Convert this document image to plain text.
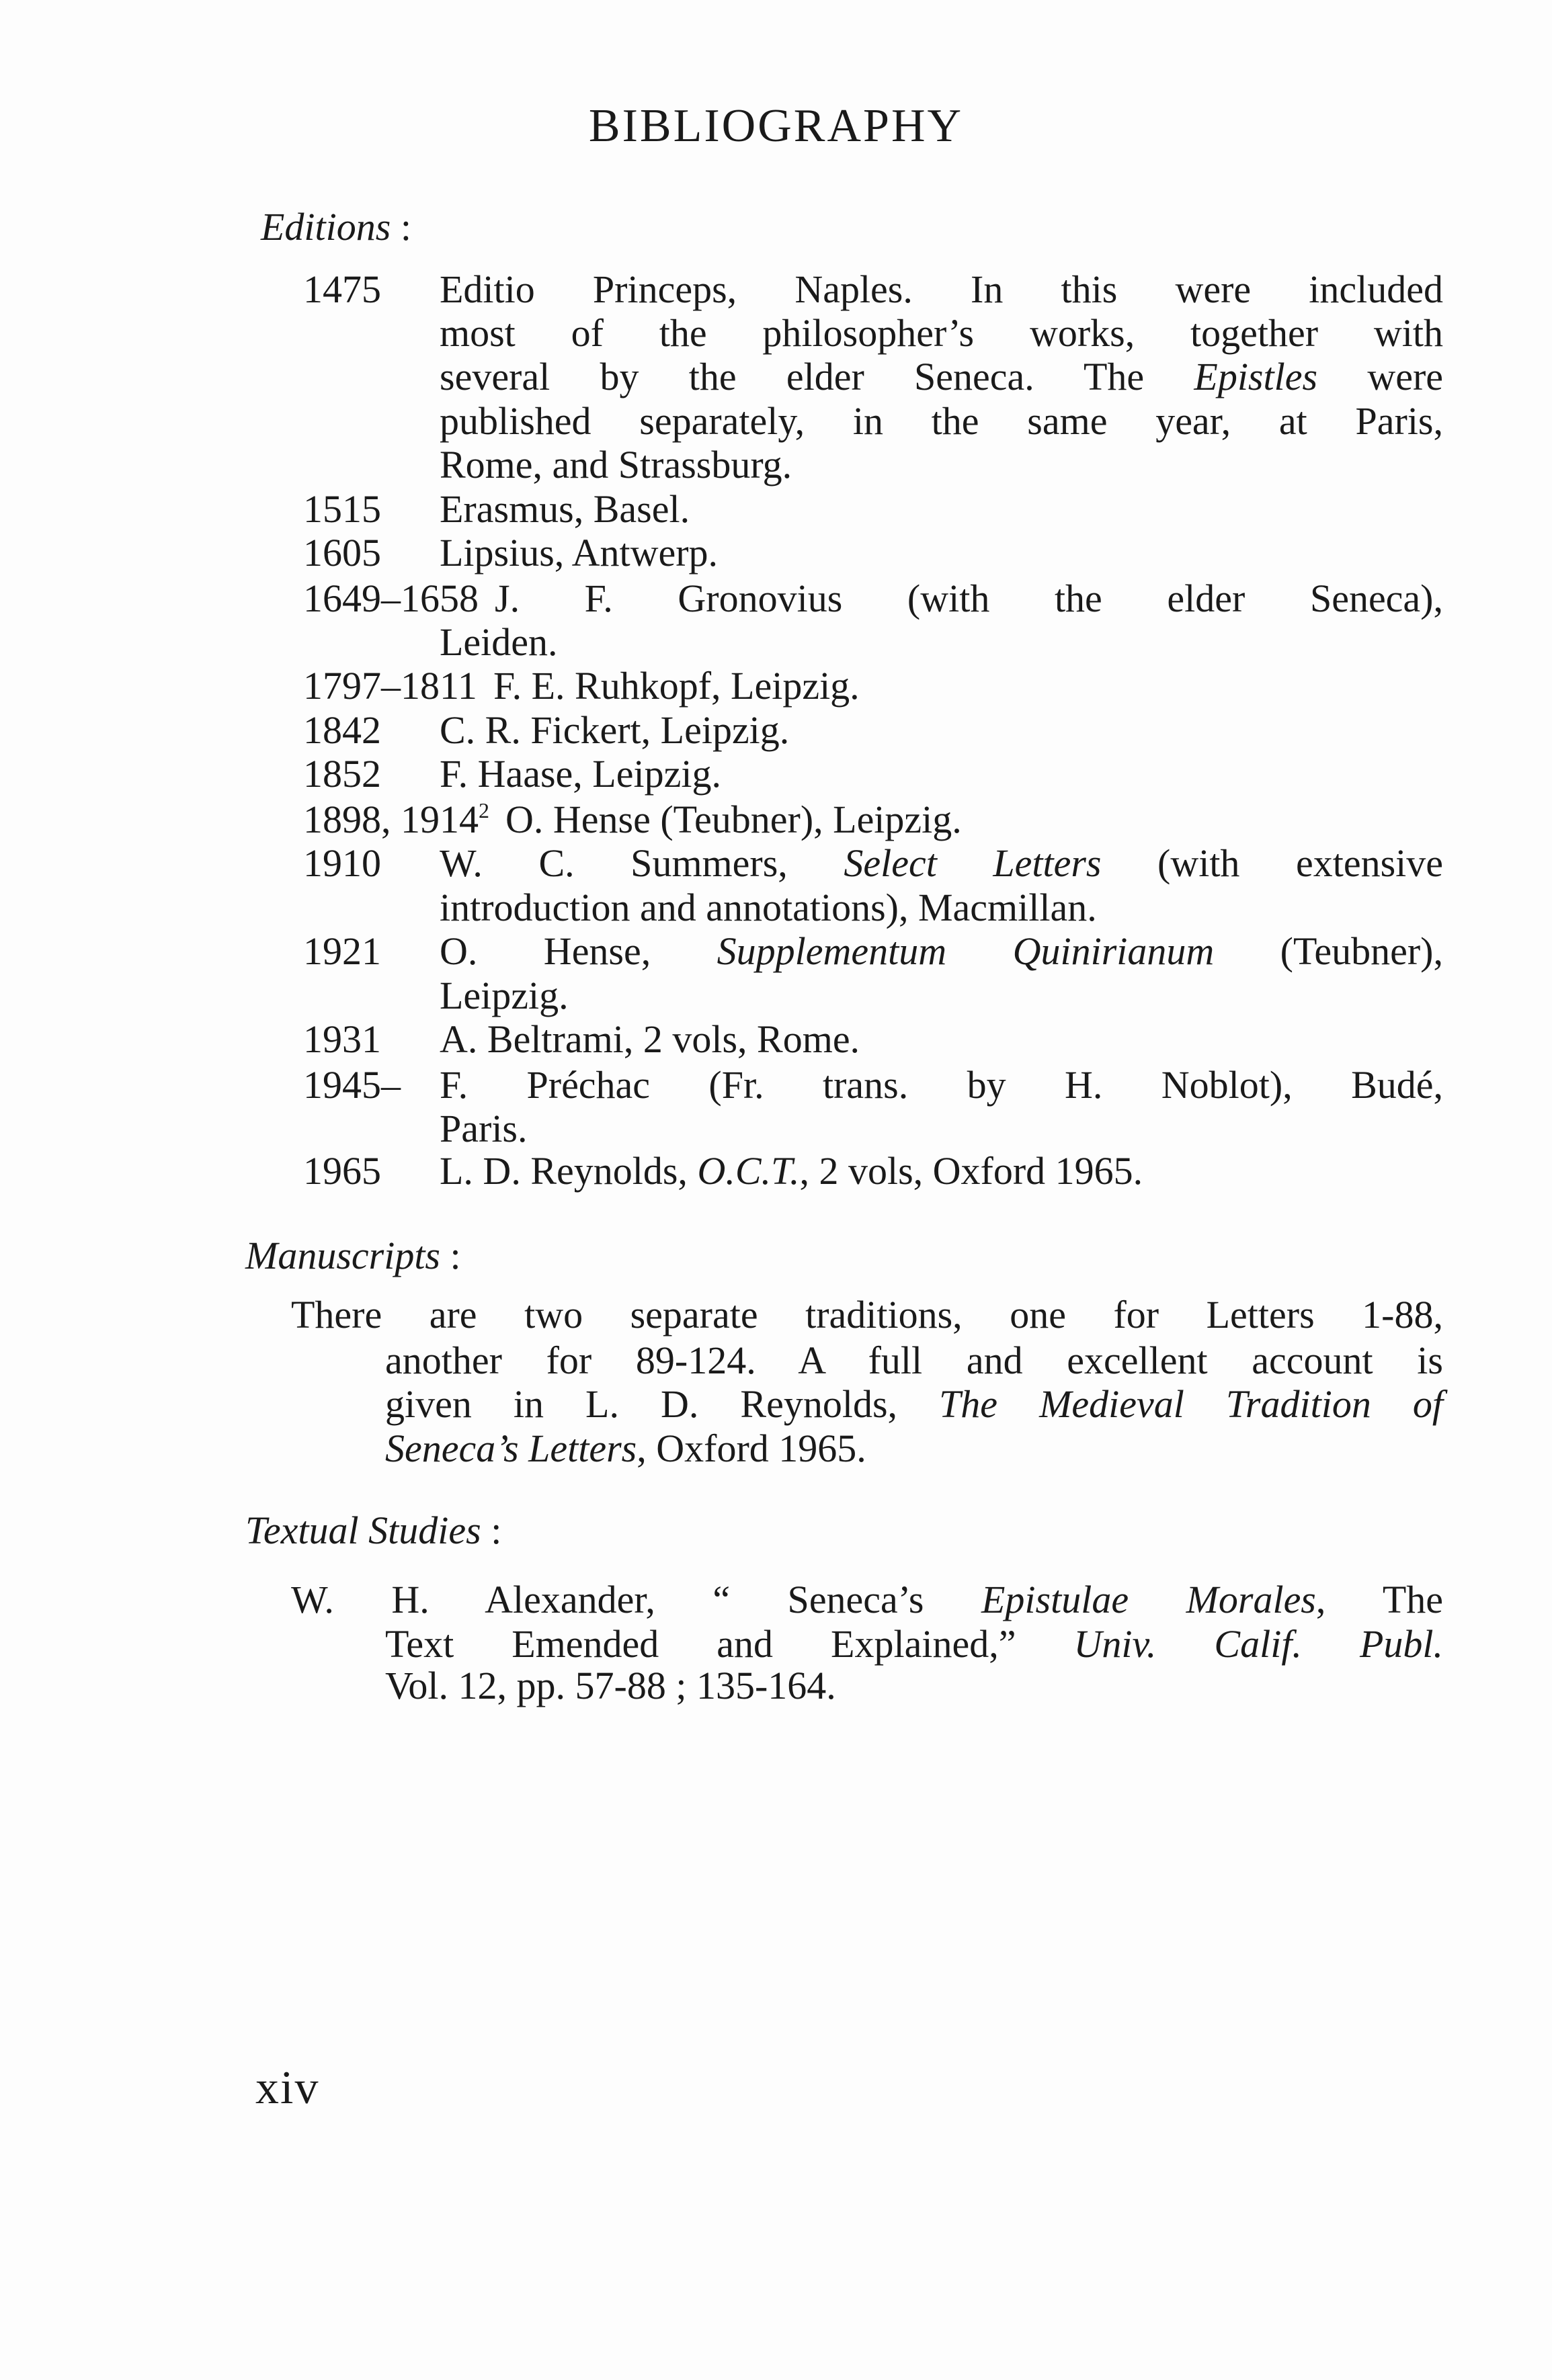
BIBLIOGRAPHY
Editions :
1475 Editio Princeps, Naples. In this were included
most of the philosopher’s works, together with
several by the elder Seneca. The Epistles were
published separately, in the same year, at Paris,
Rome, and Strassburg.
1515 Erasmus, Basel.
1605 Lipsius, Antwerp.
1649–1658 J. F. Gronovius (with the elder Seneca),
Leiden.
1797–1811 F. E. Ruhkopf, Leipzig.
1842 C. R. Fickert, Leipzig.
1852 F. Haase, Leipzig.
1898, 1914$^2$ O. Hense (Teubner), Leipzig.
1910 W. C. Summers, Select Letters (with extensive
introduction and annotations), Macmillan.
1921 O. Hense, Supplementum Quinirianum (Teubner),
Leipzig.
1931 A. Beltrami, 2 vols, Rome.
1945– F. Préchac (Fr. trans. by H. Noblot), Budé,
Paris.
1965 L. D. Reynolds, O.C.T., 2 vols, Oxford 1965.
Manuscripts :
There are two separate traditions, one for Letters 1-88,
another for 89-124. A full and excellent account is
given in L. D. Reynolds, The Medieval Tradition of
Seneca’s Letters, Oxford 1965.
Textual Studies :
W. H. Alexander, “ Seneca’s Epistulae Morales, The
Text Emended and Explained,” Univ. Calif. Publ.
Vol. 12, pp. 57-88 ; 135-164.
xiv
